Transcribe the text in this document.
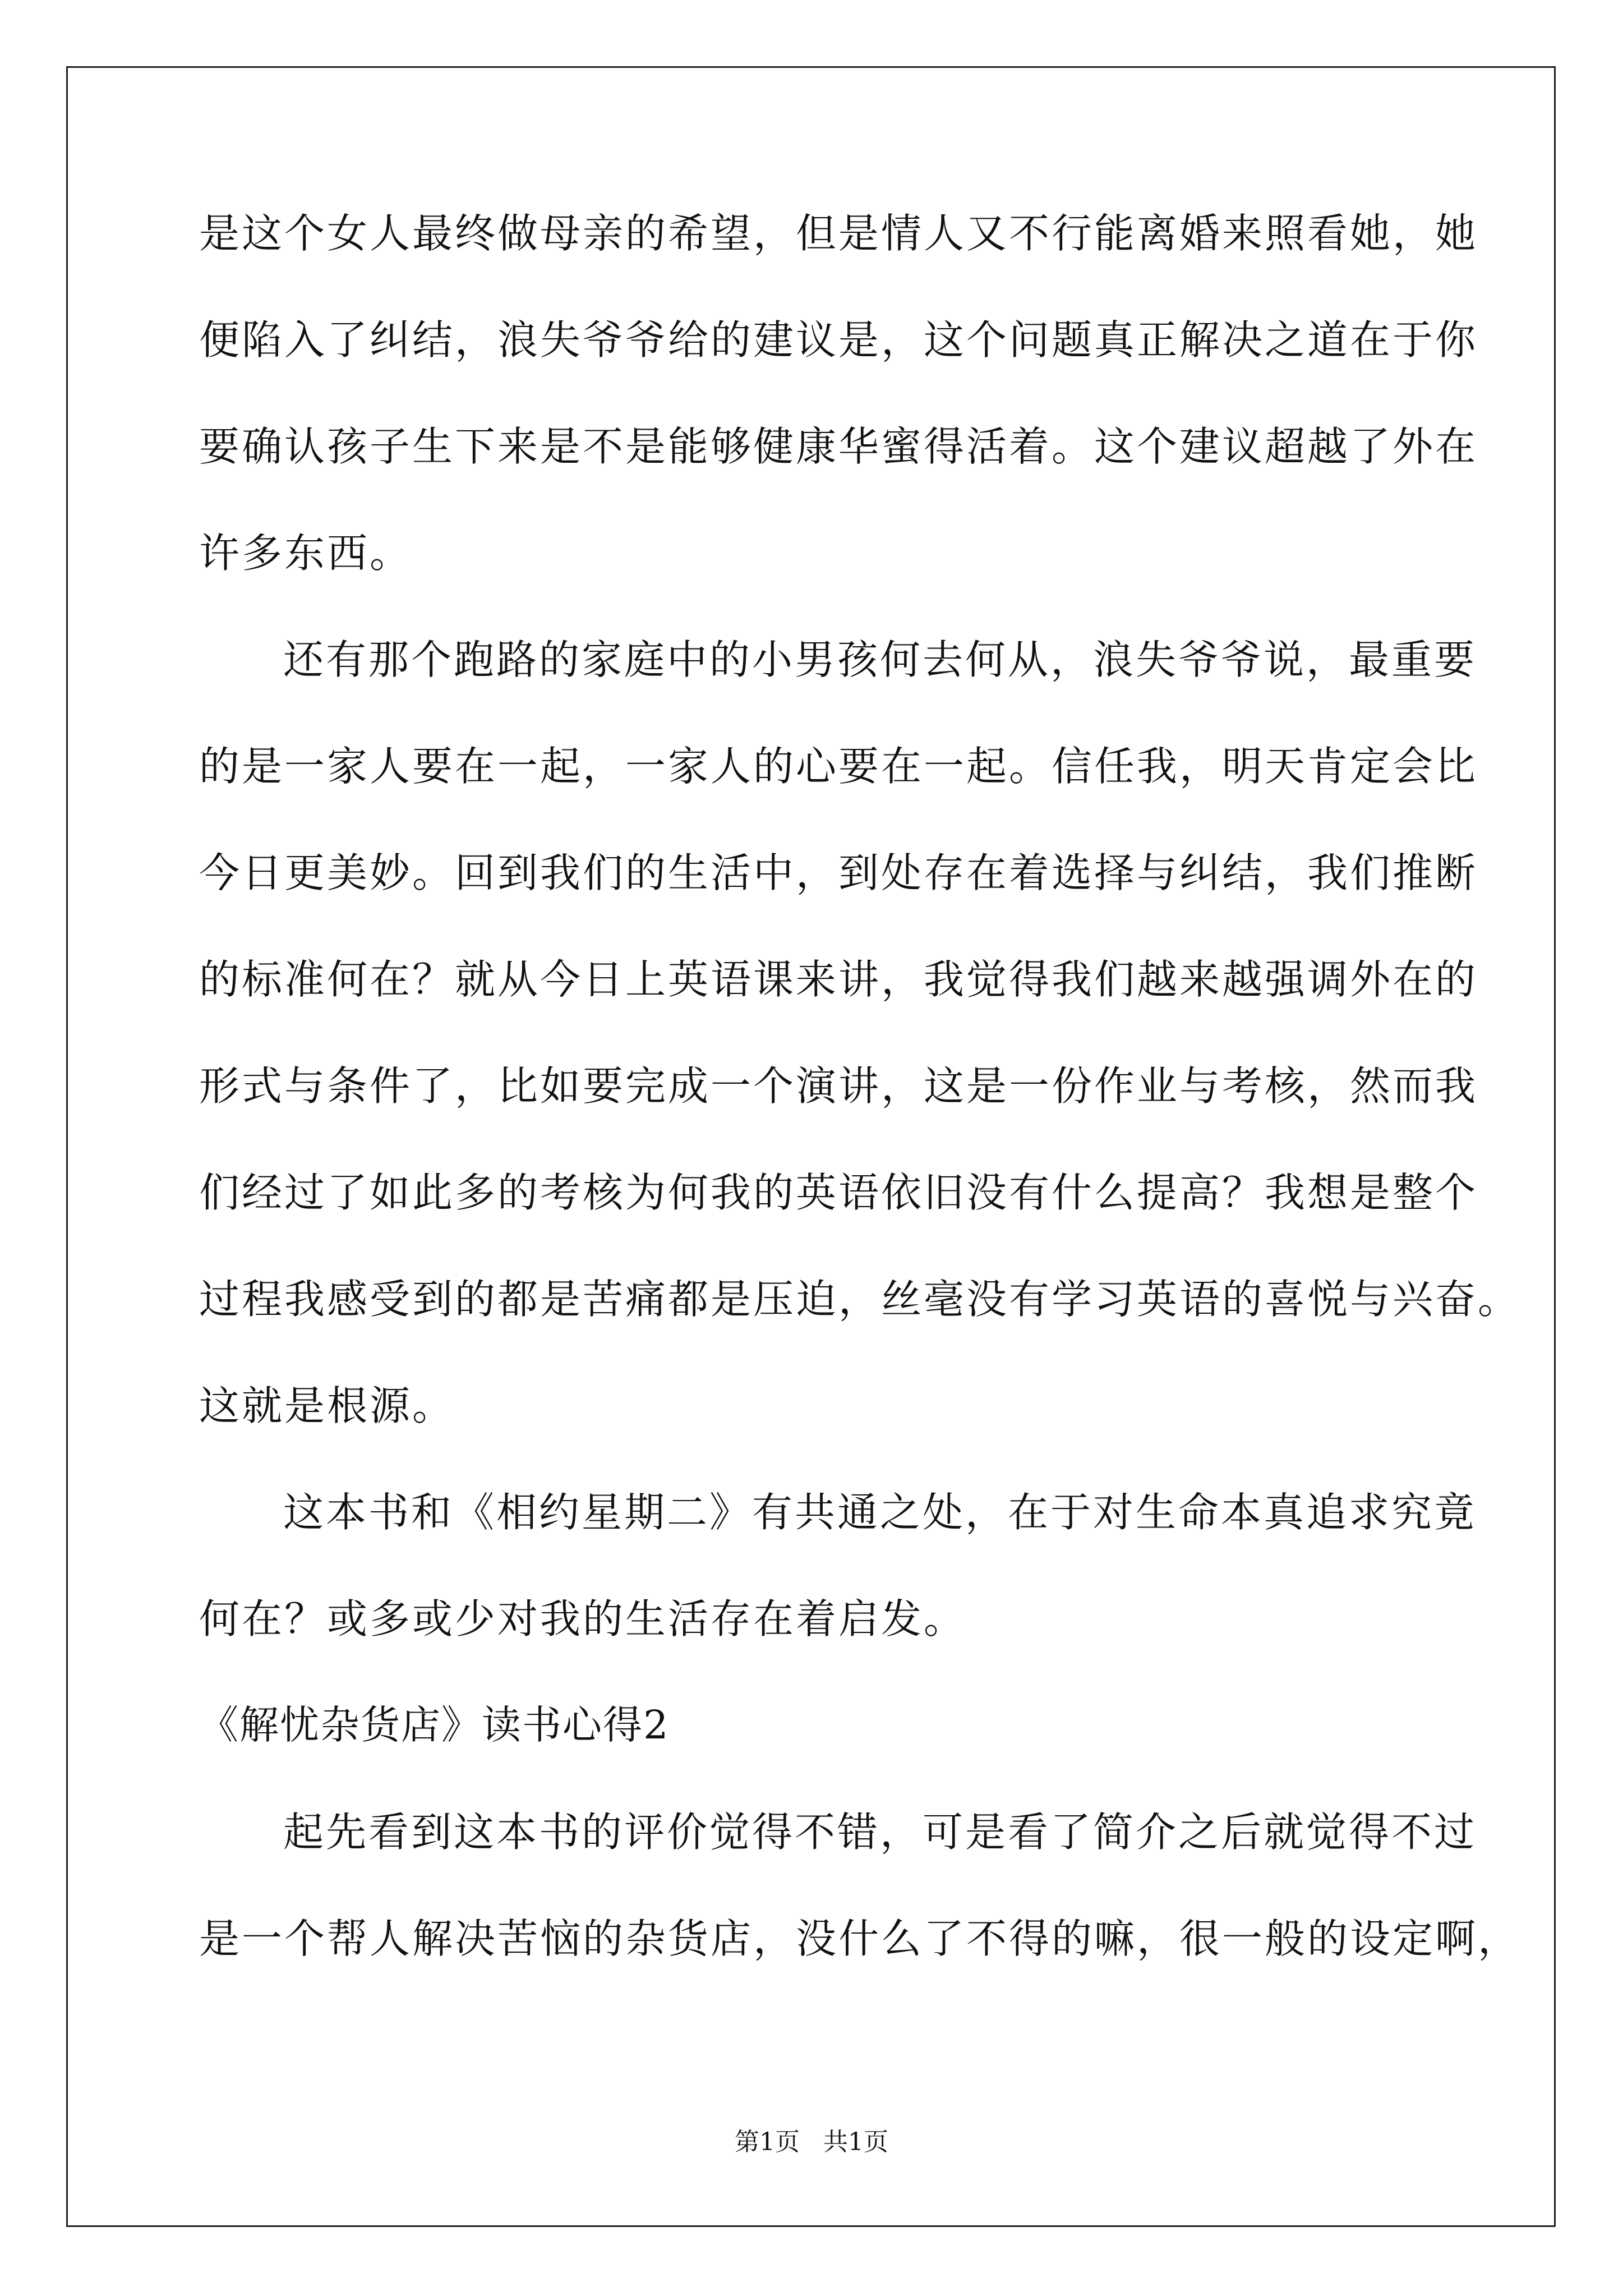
是这个女人最终做母亲的希望，但是情人又不行能离婚来照看她，她
便陷入了纠结，浪失爷爷给的建议是，这个问题真正解决之道在于你
要确认孩子生下来是不是能够健康华蜜得活着。这个建议超越了外在
许多东西。
还有那个跑路的家庭中的小男孩何去何从，浪失爷爷说，最重要
的是一家人要在一起，一家人的心要在一起。信任我，明天肯定会比
今日更美妙。回到我们的生活中，到处存在着选择与纠结，我们推断
的标准何在？就从今日上英语课来讲，我觉得我们越来越强调外在的
形式与条件了，比如要完成一个演讲，这是一份作业与考核，然而我
们经过了如此多的考核为何我的英语依旧没有什么提高？我想是整个
过程我感受到的都是苦痛都是压迫，丝毫没有学习英语的喜悦与兴奋。
这就是根源。
这本书和《相约星期二》有共通之处，在于对生命本真追求究竟
何在？或多或少对我的生活存在着启发。
《解忧杂货店》读书心得2
起先看到这本书的评价觉得不错，可是看了简介之后就觉得不过
是一个帮人解决苦恼的杂货店，没什么了不得的嘛，很一般的设定啊，
第1页   共1页
